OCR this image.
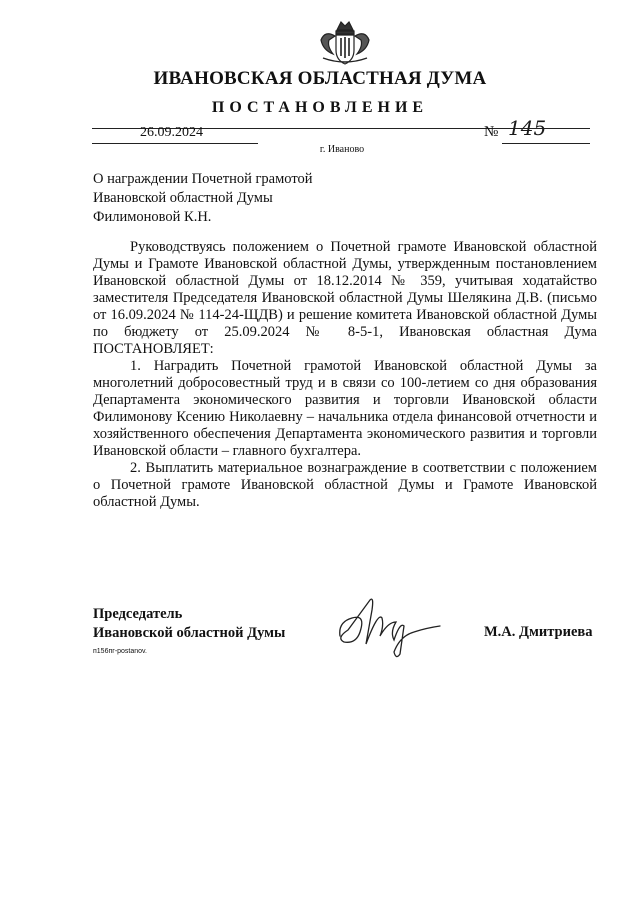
ИВАНОВСКАЯ ОБЛАСТНАЯ ДУМА
ПОСТАНОВЛЕНИЕ
26.09.2024	№ 145
г. Иваново
О награждении Почетной грамотой
Ивановской областной Думы
Филимоновой К.Н.

Руководствуясь положением о Почетной грамоте Ивановской областной Думы и Грамоте Ивановской областной Думы, утвержденным постановлением Ивановской областной Думы от 18.12.2014 № 359, учитывая ходатайство заместителя Председателя Ивановской областной Думы Шелякина Д.В. (письмо от 16.09.2024 № 114-24-ЩДВ) и решение комитета Ивановской областной Думы по бюджету от 25.09.2024 № 8-5-1, Ивановская областная Дума ПОСТАНОВЛЯЕТ:

1. Наградить Почетной грамотой Ивановской областной Думы за многолетний добросовестный труд и в связи со 100-летием со дня образования Департамента экономического развития и торговли Ивановской области Филимонову Ксению Николаевну – начальника отдела финансовой отчетности и хозяйственного обеспечения Департамента экономического развития и торговли Ивановской области – главного бухгалтера.

2. Выплатить материальное вознаграждение в соответствии с положением о Почетной грамоте Ивановской областной Думы и Грамоте Ивановской областной Думы.

Председатель
Ивановской областной Думы	М.А. Дмитриева
п156пг-postanov.
